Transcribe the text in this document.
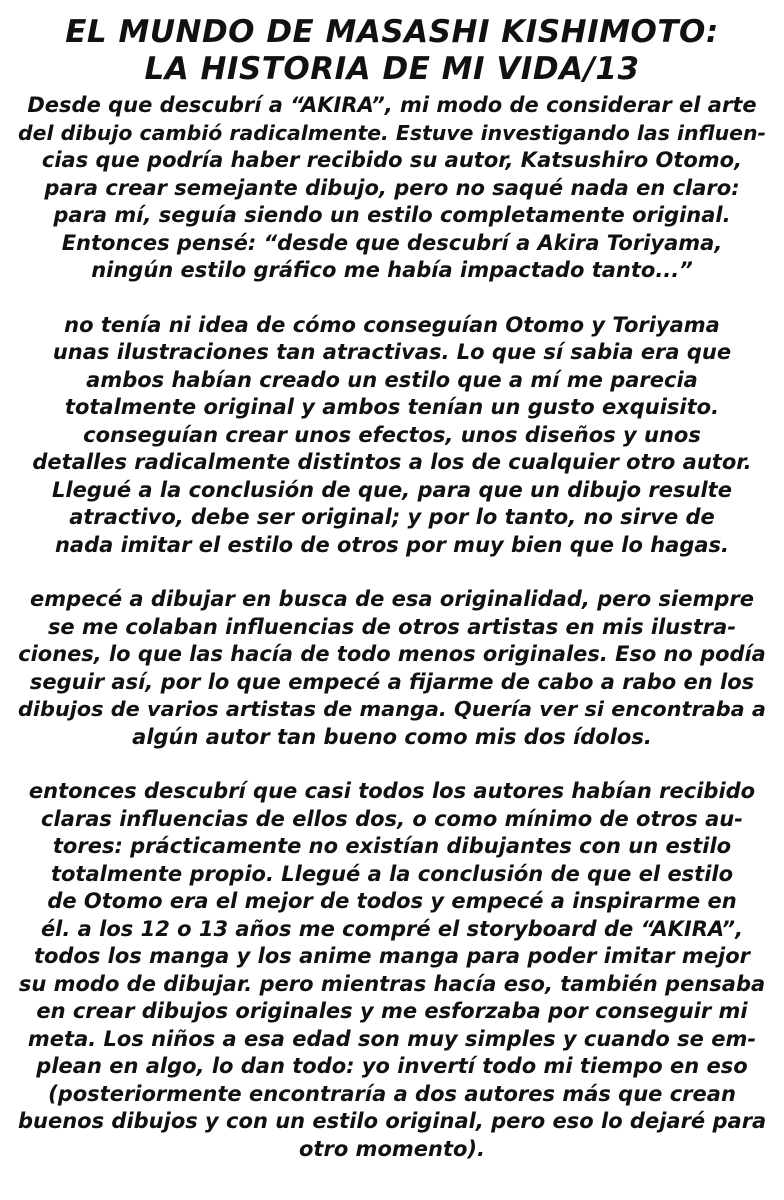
EL MUNDO DE MASASHI KISHIMOTO:
LA HISTORIA DE MI VIDA/13

Desde que descubrí a “AKIRA”, mi modo de considerar el arte
del dibujo cambió radicalmente. Estuve investigando las influen-
cias que podría haber recibido su autor, Katsushiro Otomo,
para crear semejante dibujo, pero no saqué nada en claro:
para mí, seguía siendo un estilo completamente original.
Entonces pensé: “desde que descubrí a Akira Toriyama,
ningún estilo gráfico me había impactado tanto...”

no tenía ni idea de cómo conseguían Otomo y Toriyama
unas ilustraciones tan atractivas. Lo que sí sabia era que
ambos habían creado un estilo que a mí me parecia
totalmente original y ambos tenían un gusto exquisito.
conseguían crear unos efectos, unos diseños y unos
detalles radicalmente distintos a los de cualquier otro autor.
Llegué a la conclusión de que, para que un dibujo resulte
atractivo, debe ser original; y por lo tanto, no sirve de
nada imitar el estilo de otros por muy bien que lo hagas.

empecé a dibujar en busca de esa originalidad, pero siempre
se me colaban influencias de otros artistas en mis ilustra-
ciones, lo que las hacía de todo menos originales. Eso no podía
seguir así, por lo que empecé a fijarme de cabo a rabo en los
dibujos de varios artistas de manga. Quería ver si encontraba a
algún autor tan bueno como mis dos ídolos.

entonces descubrí que casi todos los autores habían recibido
claras influencias de ellos dos, o como mínimo de otros au-
tores: prácticamente no existían dibujantes con un estilo
totalmente propio. Llegué a la conclusión de que el estilo
de Otomo era el mejor de todos y empecé a inspirarme en
él. a los 12 o 13 años me compré el storyboard de “AKIRA”,
todos los manga y los anime manga para poder imitar mejor
su modo de dibujar. pero mientras hacía eso, también pensaba
en crear dibujos originales y me esforzaba por conseguir mi
meta. Los niños a esa edad son muy simples y cuando se em-
plean en algo, lo dan todo: yo invertí todo mi tiempo en eso
(posteriormente encontraría a dos autores más que crean
buenos dibujos y con un estilo original, pero eso lo dejaré para
otro momento).
